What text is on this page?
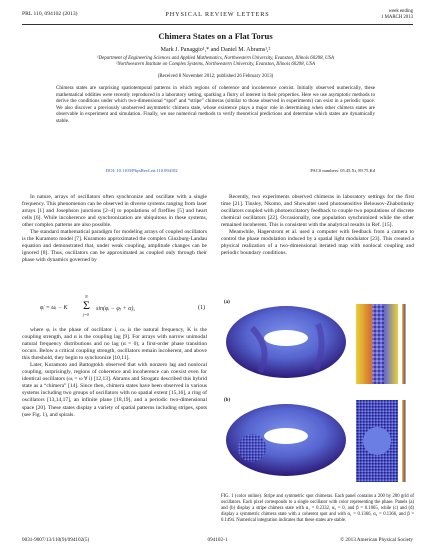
PRL 110, 094102 (2013)	PHYSICAL REVIEW LETTERS	week ending
1 MARCH 2013
Chimera States on a Flat Torus
Mark J. Panaggio¹,* and Daniel M. Abrams¹,²
¹Department of Engineering Sciences and Applied Mathematics, Northwestern University, Evanston, Illinois 60208, USA
²Northwestern Institute on Complex Systems, Northwestern University, Evanston, Illinois 60208, USA
(Received 8 November 2012; published 26 February 2013)
Chimera states are surprising spatiotemporal patterns in which regions of coherence and incoherence coexist. Initially observed numerically, these mathematical oddities were recently reproduced in a laboratory setting, sparking a flurry of interest in their properties. Here we use asymptotic methods to derive the conditions under which two-dimensional “spot” and “stripe” chimeras (similar to those observed in experiments) can exist in a periodic space. We also discover a previously unobserved asymmetric chimera state, whose existence plays a major role in determining when other chimera states are observable in experiment and simulation. Finally, we use numerical methods to verify theoretical predictions and determine which states are dynamically stable.
DOI: 10.1103/PhysRevLett.110.094102	PACS numbers: 05.45.Xt, 89.75.Kd

In nature, arrays of oscillators often synchronize and oscillate with a single frequency. This phenomenon can be observed in diverse systems ranging from laser arrays [1] and Josephson junctions [2–4] to populations of fireflies [5] and heart cells [6]. While incoherence and synchronization are ubiquitous in these systems, other complex patterns are also possible.

The standard mathematical paradigm for modeling arrays of coupled oscillators is the Kuramoto model [7]. Kuramoto approximated the complex Ginzburg-Landau equation and demonstrated that, under weak coupling, amplitude changes can be ignored [8]. Thus, oscillators can be approximated as coupled only through their phase with dynamics governed by

φ̇ᵢ = ωᵢ − K
N
Σ
j=0
sin(φᵢ − φⱼ + α),	(1)

where φᵢ is the phase of oscillator i, ωᵢ is the natural frequency, K is the coupling strength, and α is the coupling lag [9]. For arrays with narrow unimodal natural frequency distributions and no lag (α = 0), a first-order phase transition occurs. Below a critical coupling strength, oscillators remain incoherent, and above this threshold, they begin to synchronize [10,11].

Later, Kuramoto and Battogtokh observed that with nonzero lag and nonlocal coupling, surprisingly, regions of coherence and incoherence can coexist even for identical oscillators (ωᵢ = ω ∀ i) [12,13]. Abrams and Strogatz described this hybrid state as a “chimera” [14]. Since then, chimera states have been observed in various systems including two groups of oscillators with no spatial extent [15,16], a ring of oscillators [13,14,17], an infinite plane [18,19], and a periodic two-dimensional space [20]. These states display a variety of spatial patterns including stripes, spots (see Fig. 1), and spirals.

Recently, two experiments observed chimeras in laboratory settings for the first time [21]. Tinsley, Nkomo, and Showalter used photosensitive Belousov-Zhabotinsky oscillators coupled with photoexcitatory feedback to couple two populations of discrete chemical oscillators [22]. Occasionally, one population synchronized while the other remained incoherent. This is consistent with the analytical results in Ref. [15].

Meanwhile, Hagerstrom et al. used a computer with feedback from a camera to control the phase modulation induced by a spatial light modulator [23]. This created a physical realization of a two-dimensional iterated map with nonlocal coupling and periodic boundary conditions.

(a)
(b)
FIG. 1 (color online). Stripe and symmetric spot chimeras. Each panel contains a 200 by 200 grid of oscillators. Each pixel corresponds to a single oscillator with color representing the phase. Panels (a) and (b) display a stripe chimera state with α₁ = 0.2332, α₂ = 0, and β = 0.1065, while (c) and (d) display a symmetric chimera state with a coherent spot and with α₁ = 0.1366, α₂ = 0.1366, and β = 0.1494. Numerical integration indicates that these states are stable.
0031-9007/13/110(9)/094102(5)	094102-1	© 2013 American Physical Society
